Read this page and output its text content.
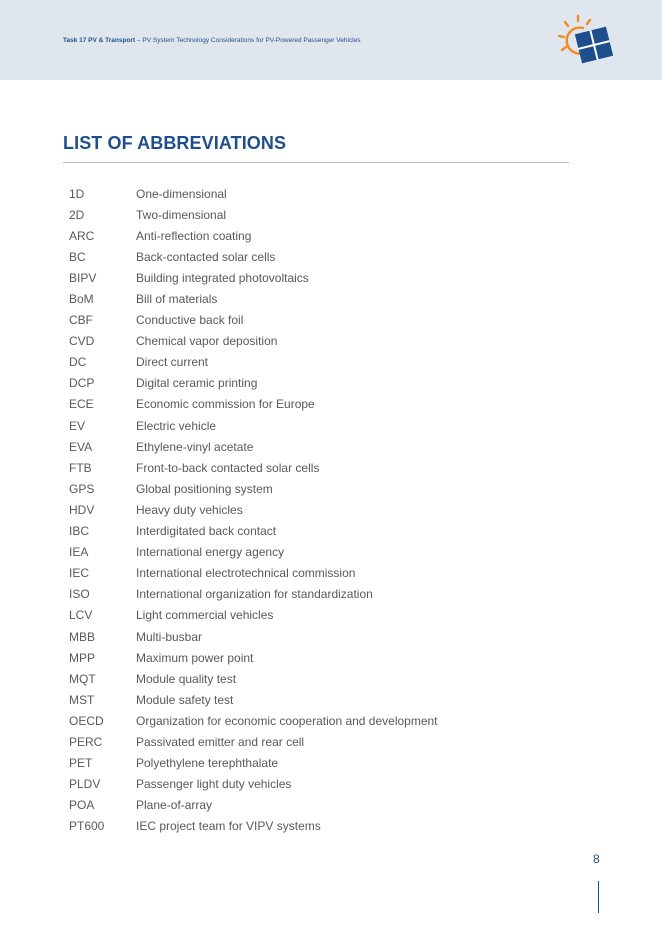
Task 17 PV & Transport – PV System Technology Considerations for PV-Powered Passenger Vehicles
LIST OF ABBREVIATIONS
1D	One-dimensional
2D	Two-dimensional
ARC	Anti-reflection coating
BC	Back-contacted solar cells
BIPV	Building integrated photovoltaics
BoM	Bill of materials
CBF	Conductive back foil
CVD	Chemical vapor deposition
DC	Direct current
DCP	Digital ceramic printing
ECE	Economic commission for Europe
EV	Electric vehicle
EVA	Ethylene-vinyl acetate
FTB	Front-to-back contacted solar cells
GPS	Global positioning system
HDV	Heavy duty vehicles
IBC	Interdigitated back contact
IEA	International energy agency
IEC	International electrotechnical commission
ISO	International organization for standardization
LCV	Light commercial vehicles
MBB	Multi-busbar
MPP	Maximum power point
MQT	Module quality test
MST	Module safety test
OECD	Organization for economic cooperation and development
PERC	Passivated emitter and rear cell
PET	Polyethylene terephthalate
PLDV	Passenger light duty vehicles
POA	Plane-of-array
PT600	IEC project team for VIPV systems
8
